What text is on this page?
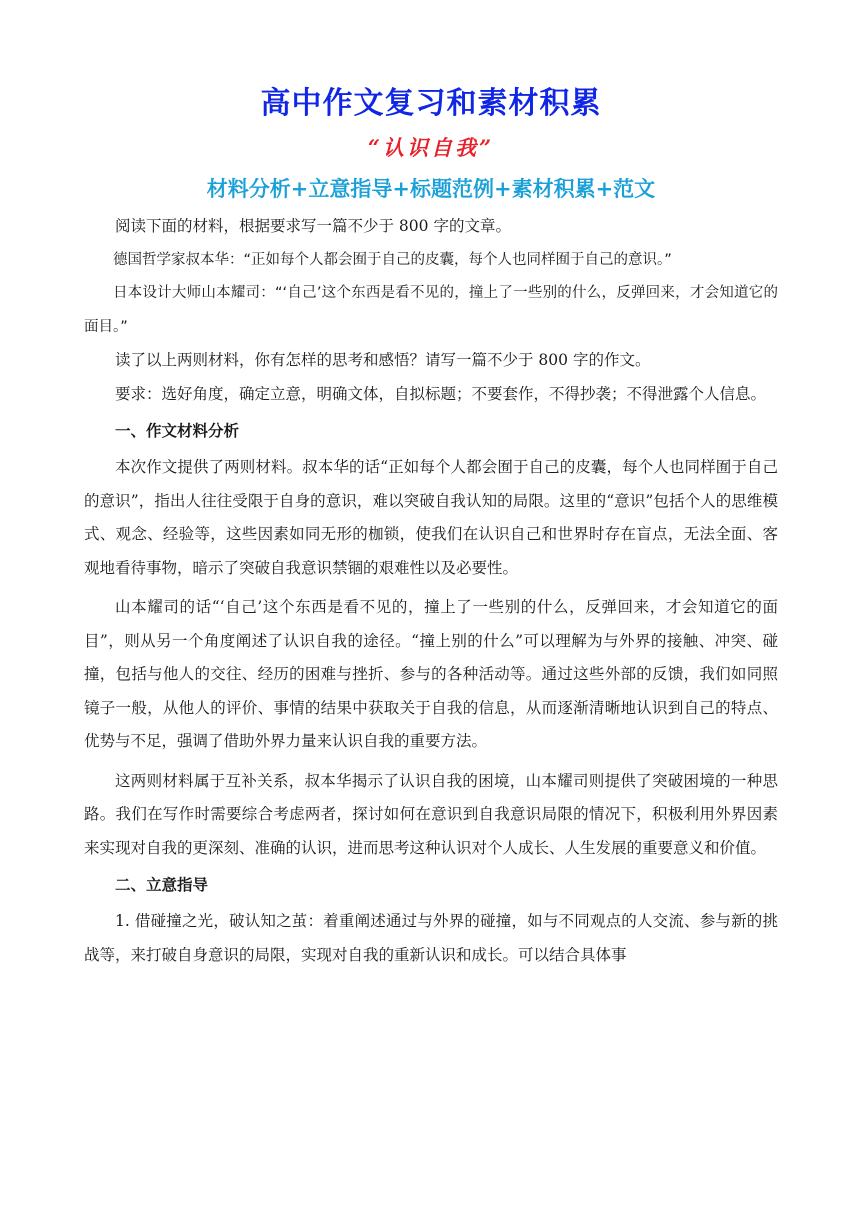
高中作文复习和素材积累
“认识自我”
材料分析+立意指导+标题范例+素材积累+范文

阅读下面的材料，根据要求写一篇不少于 800 字的文章。

德国哲学家叔本华：“正如每个人都会囿于自己的皮囊，每个人也同样囿于自己的意识。”

日本设计大师山本耀司：“‘自己’这个东西是看不见的，撞上了一些别的什么，反弹回来，才会知道它的面目。”

读了以上两则材料，你有怎样的思考和感悟？请写一篇不少于 800 字的作文。

要求：选好角度，确定立意，明确文体，自拟标题；不要套作，不得抄袭；不得泄露个人信息。

一、作文材料分析

本次作文提供了两则材料。叔本华的话“正如每个人都会囿于自己的皮囊，每个人也同样囿于自己的意识”，指出人往往受限于自身的意识，难以突破自我认知的局限。这里的“意识”包括个人的思维模式、观念、经验等，这些因素如同无形的枷锁，使我们在认识自己和世界时存在盲点，无法全面、客观地看待事物，暗示了突破自我意识禁锢的艰难性以及必要性。

山本耀司的话“‘自己’这个东西是看不见的，撞上了一些别的什么，反弹回来，才会知道它的面目”，则从另一个角度阐述了认识自我的途径。“撞上别的什么”可以理解为与外界的接触、冲突、碰撞，包括与他人的交往、经历的困难与挫折、参与的各种活动等。通过这些外部的反馈，我们如同照镜子一般，从他人的评价、事情的结果中获取关于自我的信息，从而逐渐清晰地认识到自己的特点、优势与不足，强调了借助外界力量来认识自我的重要方法。

这两则材料属于互补关系，叔本华揭示了认识自我的困境，山本耀司则提供了突破困境的一种思路。我们在写作时需要综合考虑两者，探讨如何在意识到自我意识局限的情况下，积极利用外界因素来实现对自我的更深刻、准确的认识，进而思考这种认识对个人成长、人生发展的重要意义和价值。

二、立意指导

1. 借碰撞之光，破认知之茧：着重阐述通过与外界的碰撞，如与不同观点的人交流、参与新的挑战等，来打破自身意识的局限，实现对自我的重新认识和成长。可以结合具体事
